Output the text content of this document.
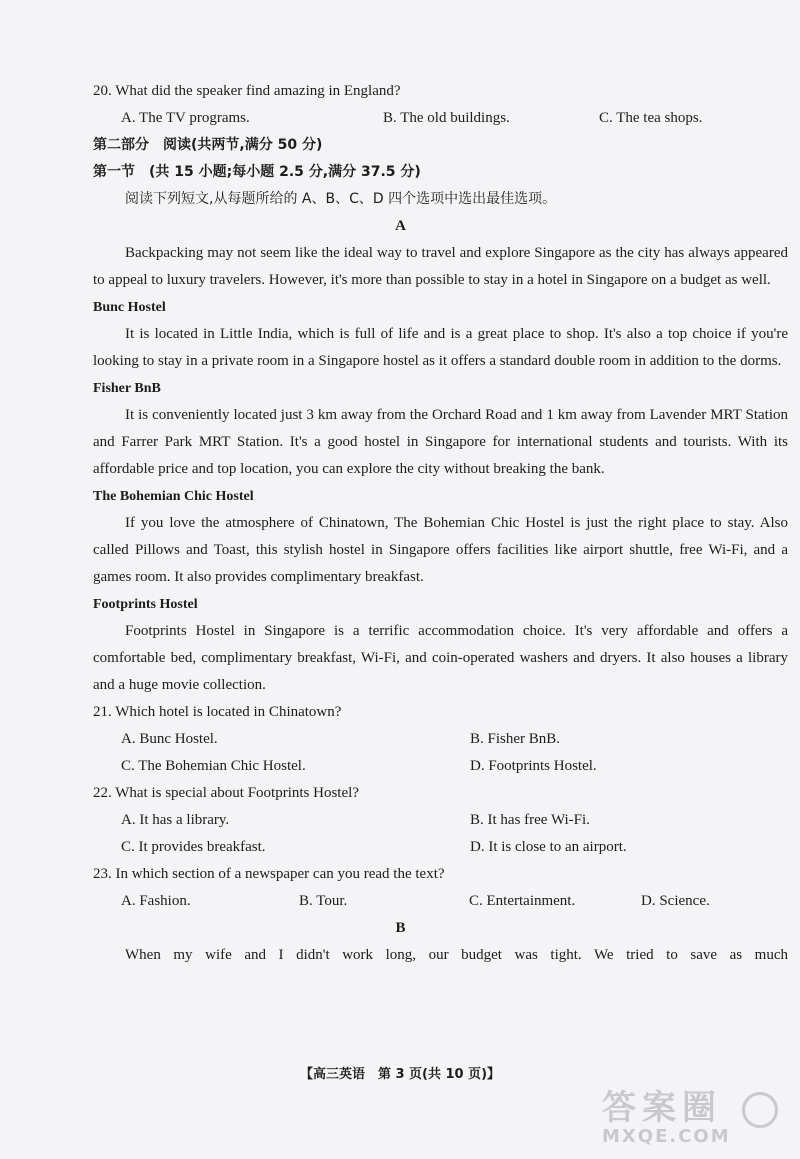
20. What did the speaker find amazing in England?
A. The TV programs.	B. The old buildings.	C. The tea shops.
第二部分　阅读(共两节,满分 50 分)
第一节　(共 15 小题;每小题 2.5 分,满分 37.5 分)
阅读下列短文,从每题所给的 A、B、C、D 四个选项中选出最佳选项。
A
Backpacking may not seem like the ideal way to travel and explore Singapore as the city has always appeared to appeal to luxury travelers. However, it's more than possible to stay in a hotel in Singapore on a budget as well.
Bunc Hostel
It is located in Little India, which is full of life and is a great place to shop. It's also a top choice if you're looking to stay in a private room in a Singapore hostel as it offers a standard double room in addition to the dorms.
Fisher BnB
It is conveniently located just 3 km away from the Orchard Road and 1 km away from Lavender MRT Station and Farrer Park MRT Station. It's a good hostel in Singapore for international students and tourists. With its affordable price and top location, you can explore the city without breaking the bank.
The Bohemian Chic Hostel
If you love the atmosphere of Chinatown, The Bohemian Chic Hostel is just the right place to stay. Also called Pillows and Toast, this stylish hostel in Singapore offers facilities like airport shuttle, free Wi-Fi, and a games room. It also provides complimentary breakfast.
Footprints Hostel
Footprints Hostel in Singapore is a terrific accommodation choice. It's very affordable and offers a comfortable bed, complimentary breakfast, Wi-Fi, and coin-operated washers and dryers. It also houses a library and a huge movie collection.
21. Which hotel is located in Chinatown?
A. Bunc Hostel.	B. Fisher BnB.
C. The Bohemian Chic Hostel.	D. Footprints Hostel.
22. What is special about Footprints Hostel?
A. It has a library.	B. It has free Wi-Fi.
C. It provides breakfast.	D. It is close to an airport.
23. In which section of a newspaper can you read the text?
A. Fashion.	B. Tour.	C. Entertainment.	D. Science.
B
When my wife and I didn't work long, our budget was tight. We tried to save as much
【高三英语　第 3 页(共 10 页)】
答案圈
MXQE.COM
